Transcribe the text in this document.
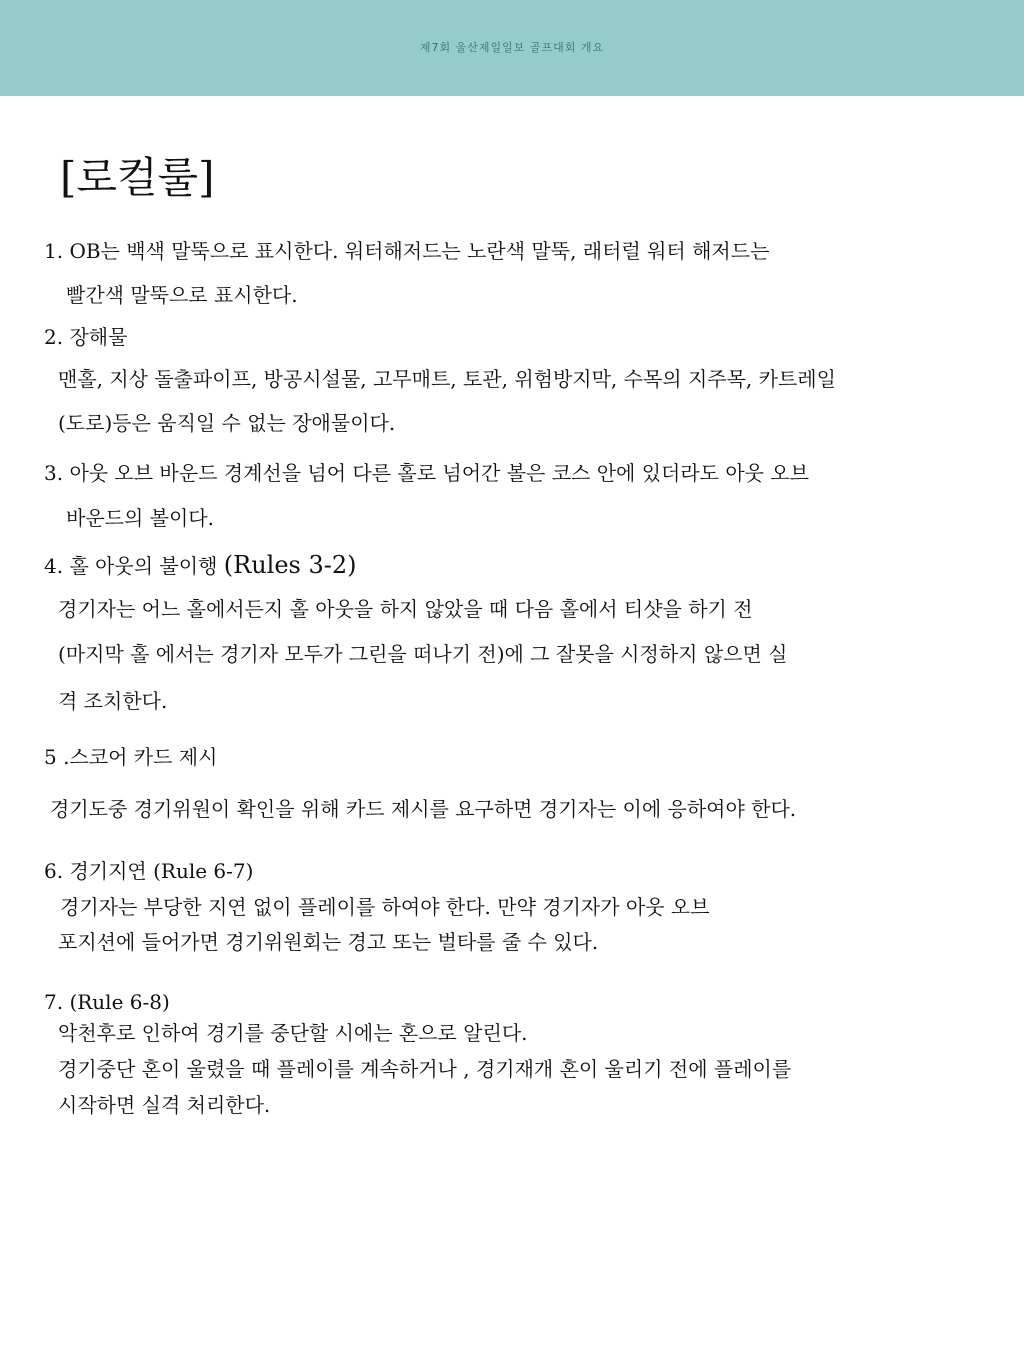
제7회 울산제일일보 골프대회 개요
[로컬룰]
1. OB는 백색 말뚝으로 표시한다. 워터해저드는 노란색 말뚝, 래터럴 워터 해저드는
빨간색 말뚝으로 표시한다.
2. 장해물
맨홀, 지상 돌출파이프, 방공시설물, 고무매트, 토관, 위험방지막, 수목의 지주목, 카트레일
(도로)등은 움직일 수 없는 장애물이다.
3. 아웃 오브 바운드 경계선을 넘어 다른 홀로 넘어간 볼은 코스 안에 있더라도 아웃 오브
바운드의 볼이다.
4. 홀 아웃의 불이행 (Rules 3-2)
경기자는 어느 홀에서든지 홀 아웃을 하지 않았을 때 다음 홀에서 티샷을 하기 전
(마지막 홀 에서는 경기자 모두가 그린을 떠나기 전)에 그 잘못을 시정하지 않으면 실
격 조치한다.
5 .스코어 카드 제시
경기도중 경기위원이 확인을 위해 카드 제시를 요구하면 경기자는 이에 응하여야 한다.
6. 경기지연 (Rule 6-7)
경기자는 부당한 지연 없이 플레이를 하여야 한다. 만약 경기자가 아웃 오브
포지션에 들어가면 경기위원회는 경고 또는 벌타를 줄 수 있다.
7. (Rule 6-8)
악천후로 인하여 경기를 중단할 시에는 혼으로 알린다.
경기중단 혼이 울렸을 때 플레이를 계속하거나 , 경기재개 혼이 울리기 전에 플레이를
시작하면 실격 처리한다.
